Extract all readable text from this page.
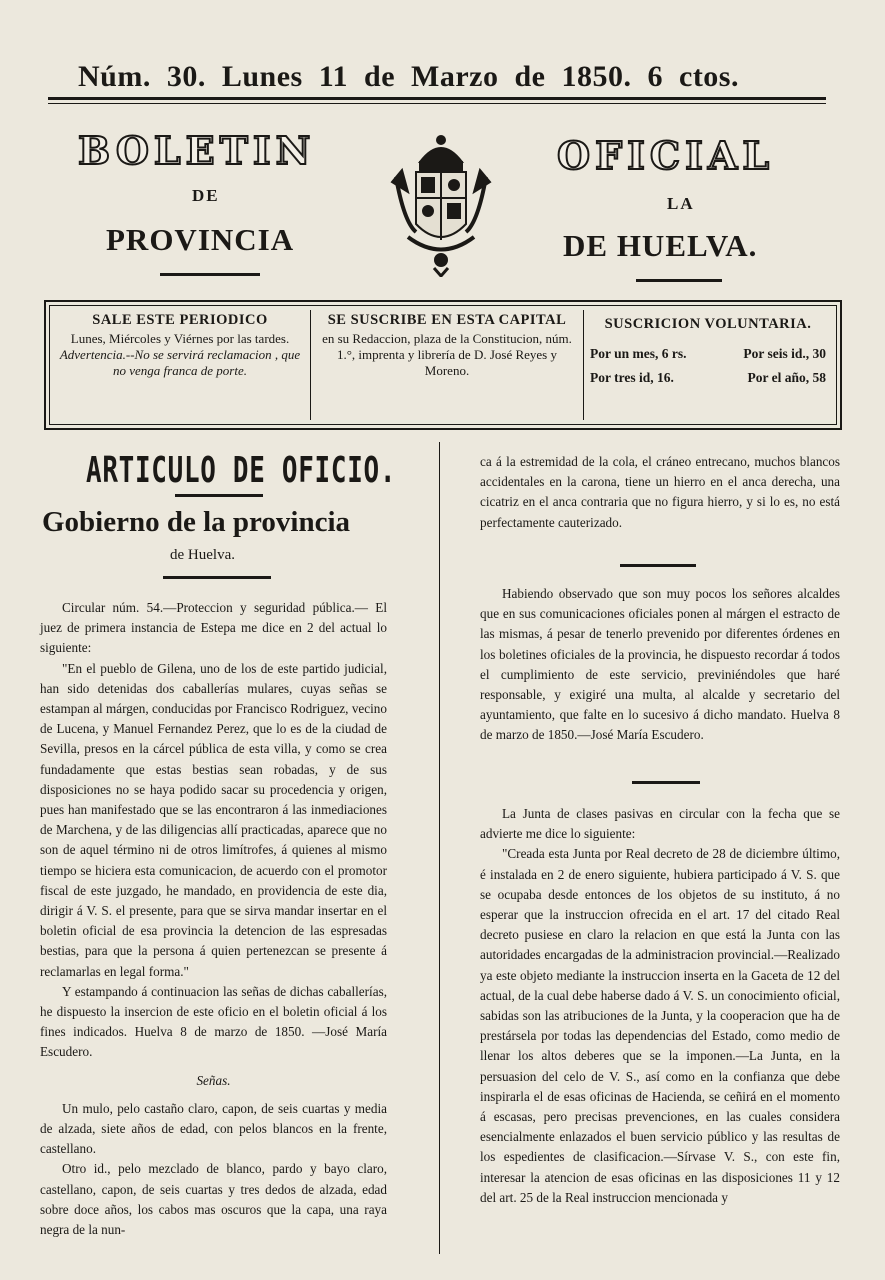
Núm. 30. Lunes 11 de Marzo de 1850. 6 ctos.
BOLETIN	OFICIAL
DE	LA
PROVINCIA	DE HUELVA.
SALE ESTE PERIODICO
Lunes, Miércoles y Viérnes por las tardes.
Advertencia.--No se servirá reclamacion , que no venga franca de porte.
SE SUSCRIBE EN ESTA CAPITAL
en su Redaccion, plaza de la Constitucion, núm. 1.°, imprenta y librería de D. José Reyes y Moreno.
SUSCRICION VOLUNTARIA.
Por un mes, 6 rs.	Por seis id., 30
Por tres id, 16.	Por el año, 58
ARTICULO DE OFICIO.
Gobierno de la provincia
de Huelva.

Circular núm. 54.—Proteccion y seguridad pública.— El juez de primera instancia de Estepa me dice en 2 del actual lo siguiente:

"En el pueblo de Gilena, uno de los de este partido judicial, han sido detenidas dos caballerías mulares, cuyas señas se estampan al márgen, conducidas por Francisco Rodriguez, vecino de Lucena, y Manuel Fernandez Perez, que lo es de la ciudad de Sevilla, presos en la cárcel pública de esta villa, y como se crea fundadamente que estas bestias sean robadas, y de sus disposiciones no se haya podido sacar su procedencia y origen, pues han manifestado que se las encontraron á las inmediaciones de Marchena, y de las diligencias allí practicadas, aparece que no son de aquel término ni de otros limítrofes, á quienes al mismo tiempo se hiciera esta comunicacion, de acuerdo con el promotor fiscal de este juzgado, he mandado, en providencia de este dia, dirigir á V. S. el presente, para que se sirva mandar insertar en el boletin oficial de esa provincia la detencion de las espresadas bestias, para que la persona á quien pertenezcan se presente á reclamarlas en legal forma."

Y estampando á continuacion las señas de dichas caballerías, he dispuesto la insercion de este oficio en el boletin oficial á los fines indicados. Huelva 8 de marzo de 1850. —José María Escudero.

Señas.

Un mulo, pelo castaño claro, capon, de seis cuartas y media de alzada, siete años de edad, con pelos blancos en la frente, castellano.

Otro id., pelo mezclado de blanco, pardo y bayo claro, castellano, capon, de seis cuartas y tres dedos de alzada, edad sobre doce años, los cabos mas oscuros que la capa, una raya negra de la nun-

ca á la estremidad de la cola, el cráneo entrecano, muchos blancos accidentales en la carona, tiene un hierro en el anca derecha, una cicatriz en el anca contraria que no figura hierro, y si lo es, no está perfectamente cauterizado.

Habiendo observado que son muy pocos los señores alcaldes que en sus comunicaciones oficiales ponen al márgen el estracto de las mismas, á pesar de tenerlo prevenido por diferentes órdenes en los boletines oficiales de la provincia, he dispuesto recordar á todos el cumplimiento de este servicio, previniéndoles que haré responsable, y exigiré una multa, al alcalde y secretario del ayuntamiento, que falte en lo sucesivo á dicho mandato. Huelva 8 de marzo de 1850.—José María Escudero.

La Junta de clases pasivas en circular con la fecha que se advierte me dice lo siguiente:

"Creada esta Junta por Real decreto de 28 de diciembre último, é instalada en 2 de enero siguiente, hubiera participado á V. S. que se ocupaba desde entonces de los objetos de su instituto, á no esperar que la instruccion ofrecida en el art. 17 del citado Real decreto pusiese en claro la relacion en que está la Junta con las autoridades encargadas de la administracion provincial.—Realizado ya este objeto mediante la instruccion inserta en la Gaceta de 12 del actual, de la cual debe haberse dado á V. S. un conocimiento oficial, sabidas son las atribuciones de la Junta, y la cooperacion que ha de prestársela por todas las dependencias del Estado, como medio de llenar los altos deberes que se la imponen.—La Junta, en la persuasion del celo de V. S., así como en la confianza que debe inspirarla el de esas oficinas de Hacienda, se ceñirá en el momento á escasas, pero precisas prevenciones, en las cuales considera esencialmente enlazados el buen servicio público y las resultas de los espedientes de clasificacion.—Sírvase V. S., con este fin, interesar la atencion de esas oficinas en las disposiciones 11 y 12 del art. 25 de la Real instruccion mencionada y
